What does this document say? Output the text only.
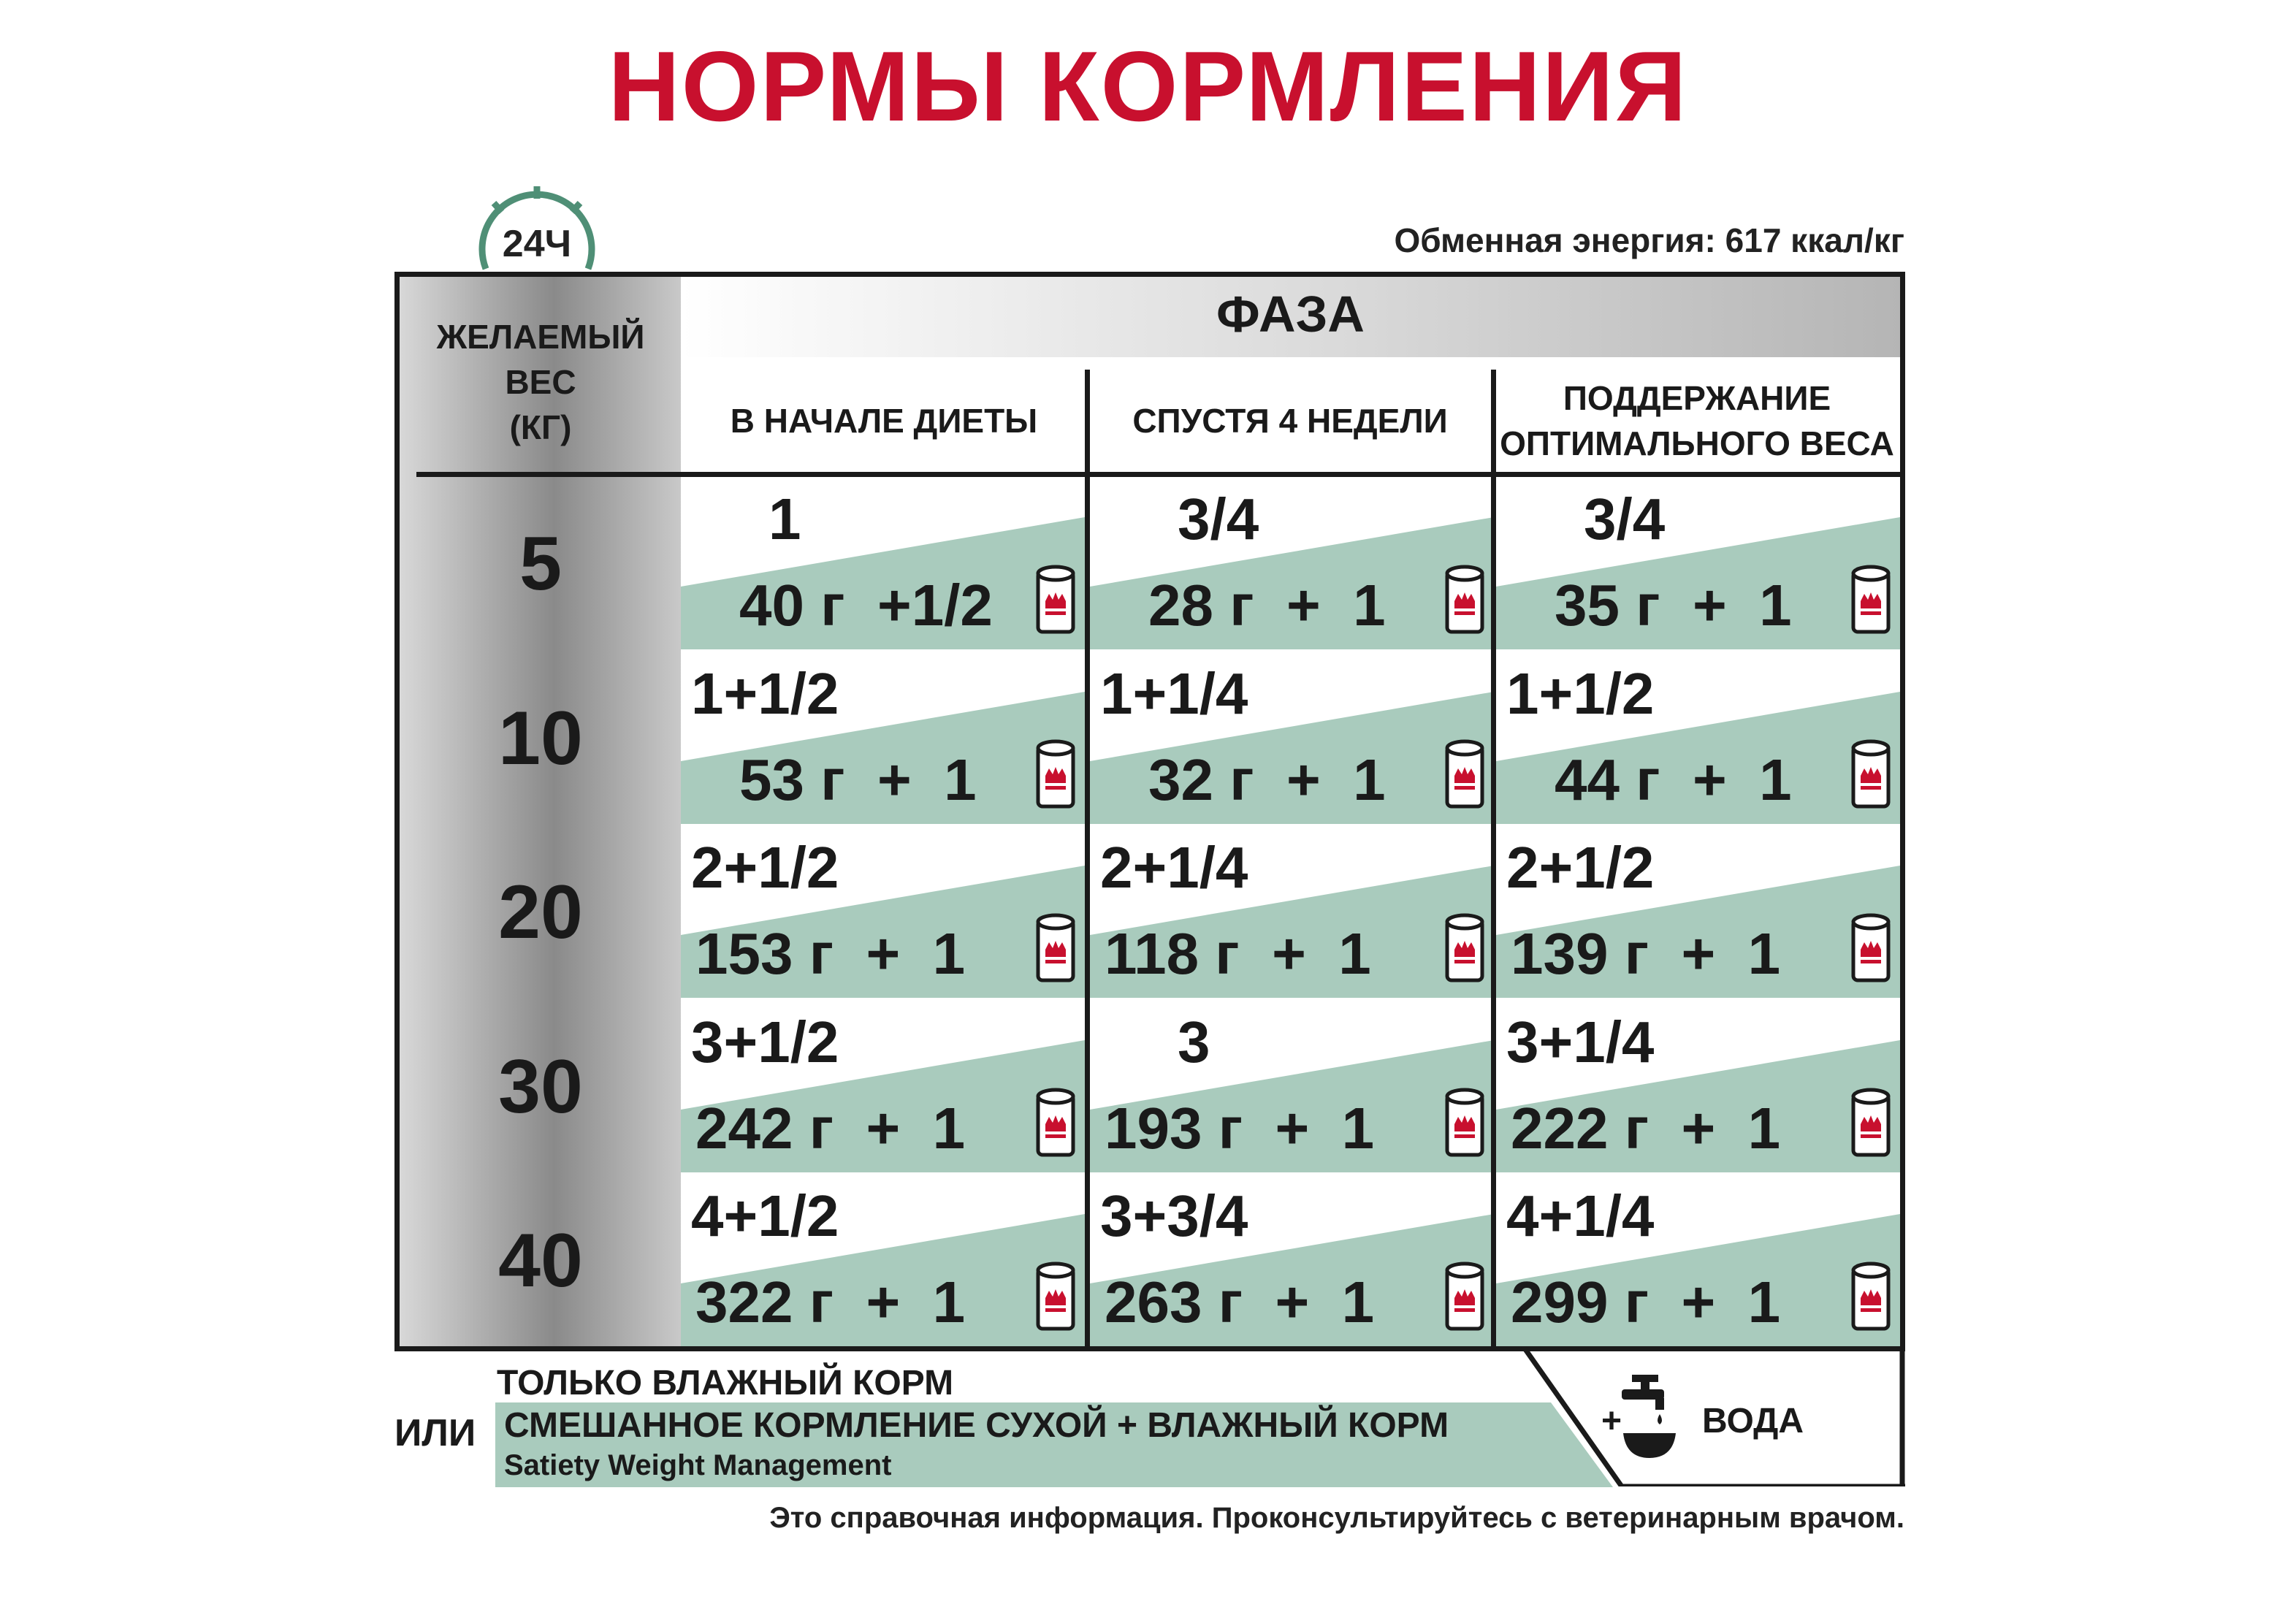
НОРМЫ КОРМЛЕНИЯ
Обменная энергия: 617 ккал/кг
24Ч
ФАЗА
ЖЕЛАЕМЫЙ
ВЕС
(КГ)	В НАЧАЛЕ ДИЕТЫ	СПУСТЯ 4 НЕДЕЛИ
ПОДДЕРЖАНИЕ
ОПТИМАЛЬНОГО ВЕСА
5
1
40 г  +1/2
3/4
28 г  +  1
3/4
35 г  +  1
10
1+1/2
53 г  +  1
1+1/4
32 г  +  1
1+1/2
44 г  +  1
20
2+1/2
153 г  +  1
2+1/4
118 г  +  1
2+1/2
139 г  +  1
30
3+1/2
242 г  +  1
3
193 г  +  1
3+1/4
222 г  +  1
40
4+1/2
322 г  +  1
3+3/4
263 г  +  1
4+1/4
299 г  +  1
ТОЛЬКО ВЛАЖНЫЙ КОРМ
ИЛИ СМЕШАННОЕ КОРМЛЕНИЕ СУХОЙ + ВЛАЖНЫЙ КОРМ
Satiety Weight Management
+ ВОДА
Это справочная информация. Проконсультируйтесь с ветеринарным врачом.
